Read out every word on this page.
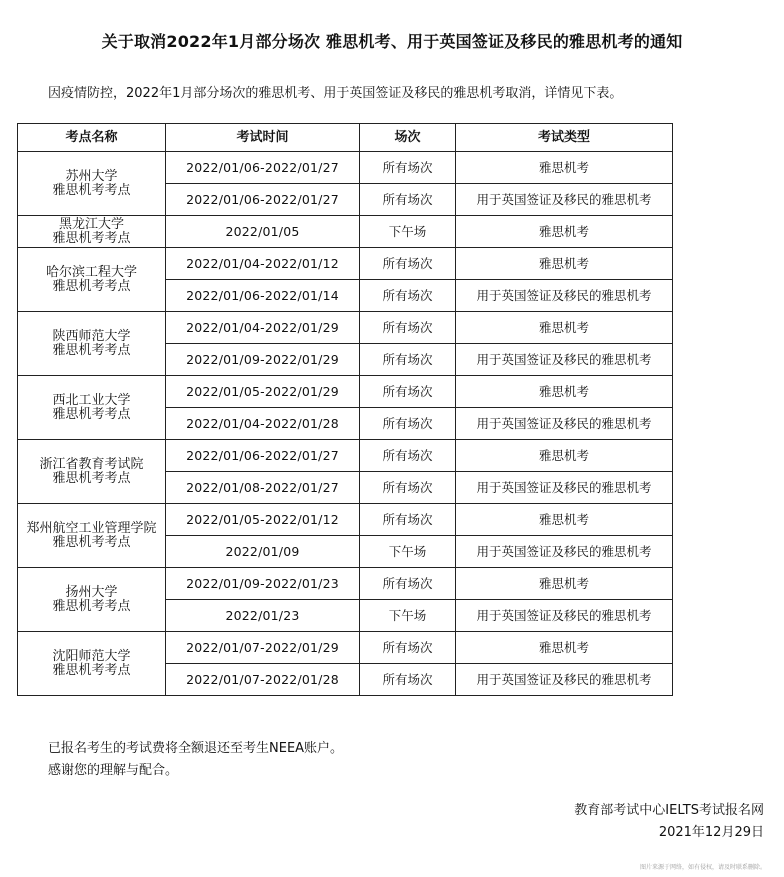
关于取消2022年1月部分场次 雅思机考、用于英国签证及移民的雅思机考的通知
因疫情防控，2022年1月部分场次的雅思机考、用于英国签证及移民的雅思机考取消，详情见下表。
考点名称	考试时间	场次	考试类型
苏州大学
雅思机考考点	2022/01/06-2022/01/27	所有场次	雅思机考
	2022/01/06-2022/01/27	所有场次	用于英国签证及移民的雅思机考
黑龙江大学
雅思机考考点	2022/01/05	下午场	雅思机考
哈尔滨工程大学
雅思机考考点	2022/01/04-2022/01/12	所有场次	雅思机考
	2022/01/06-2022/01/14	所有场次	用于英国签证及移民的雅思机考
陕西师范大学
雅思机考考点	2022/01/04-2022/01/29	所有场次	雅思机考
	2022/01/09-2022/01/29	所有场次	用于英国签证及移民的雅思机考
西北工业大学
雅思机考考点	2022/01/05-2022/01/29	所有场次	雅思机考
	2022/01/04-2022/01/28	所有场次	用于英国签证及移民的雅思机考
浙江省教育考试院
雅思机考考点	2022/01/06-2022/01/27	所有场次	雅思机考
	2022/01/08-2022/01/27	所有场次	用于英国签证及移民的雅思机考
郑州航空工业管理学院雅思机考考点	2022/01/05-2022/01/12	所有场次	雅思机考
	2022/01/09	下午场	用于英国签证及移民的雅思机考
扬州大学
雅思机考考点	2022/01/09-2022/01/23	所有场次	雅思机考
	2022/01/23	下午场	用于英国签证及移民的雅思机考
沈阳师范大学
雅思机考考点	2022/01/07-2022/01/29	所有场次	雅思机考
	2022/01/07-2022/01/28	所有场次	用于英国签证及移民的雅思机考
已报名考生的考试费将全额退还至考生NEEA账户。
感谢您的理解与配合。
教育部考试中心IELTS考试报名网
2021年12月29日
图片来源于网络，如有侵权，请及时联系删除。
